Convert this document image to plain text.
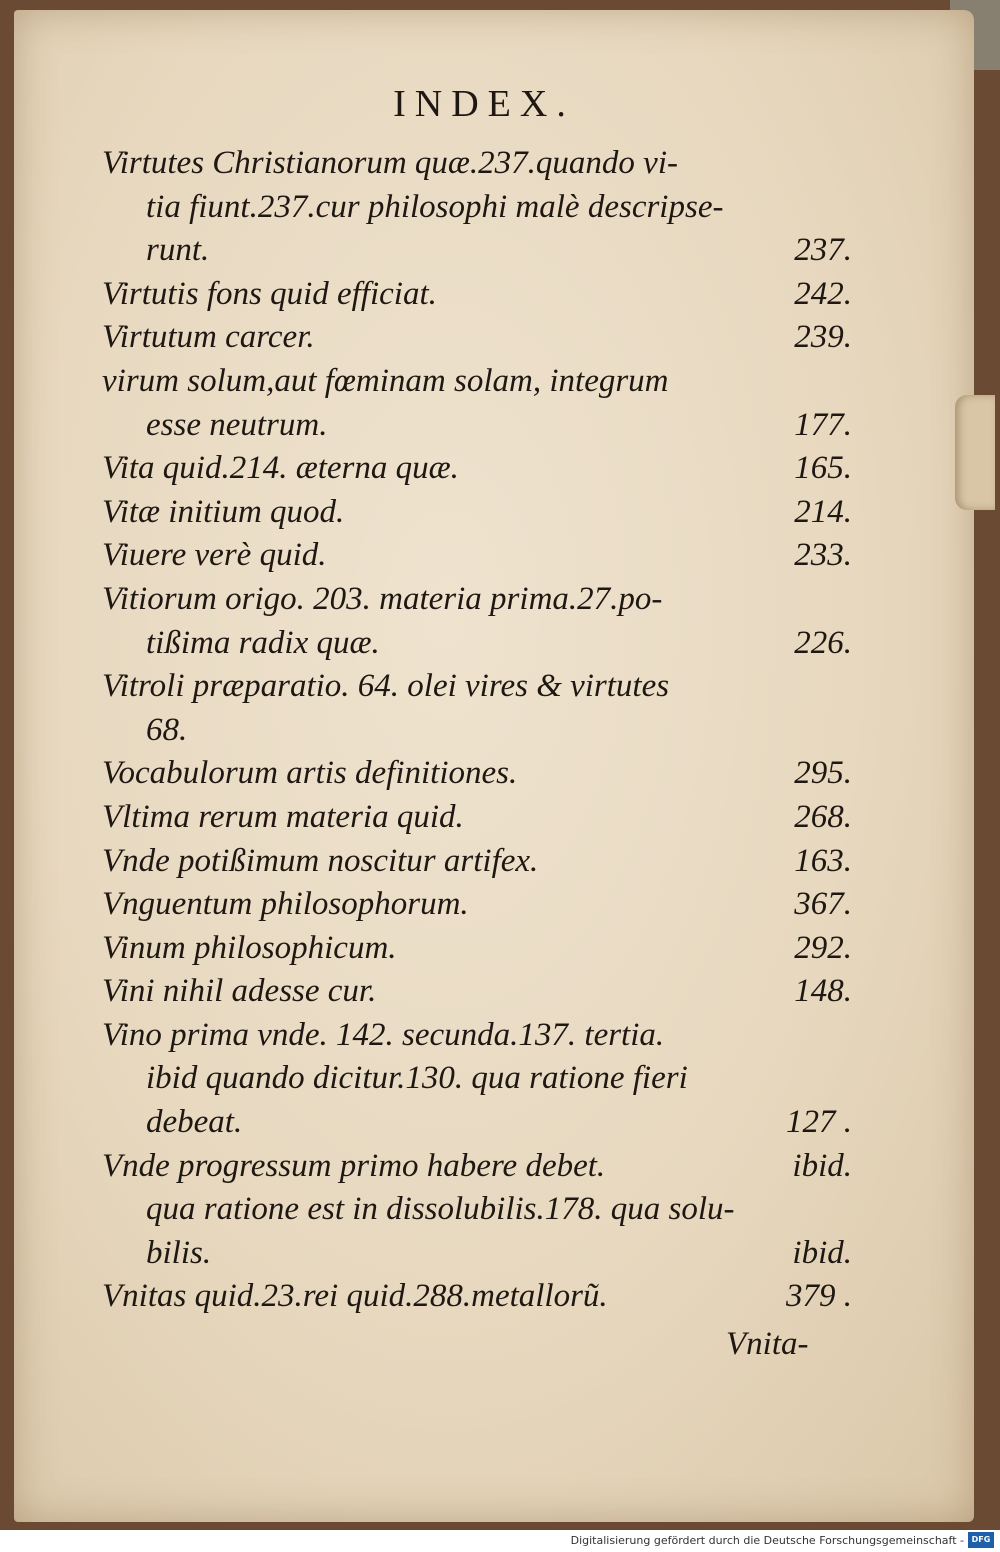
INDEX.
Virtutes Christianorum quæ.237.quando vi-
tia fiunt.237.cur philosophi malè descripse-
runt.	237.
Virtutis fons quid efficiat.	242.
Virtutum carcer.	239.
virum solum,aut fœminam solam, integrum
esse neutrum.	177.
Vita quid.214. æterna quæ.	165.
Vitæ initium quod.	214.
Viuere verè quid.	233.
Vitiorum origo. 203. materia prima.27.po-
tißima radix quæ.	226.
Vitroli præparatio. 64. olei vires & virtutes
68.
Vocabulorum artis definitiones.	295.
Vltima rerum materia quid.	268.
Vnde potißimum noscitur artifex.	163.
Vnguentum philosophorum.	367.
Vinum philosophicum.	292.
Vini nihil adesse cur.	148.
Vino prima vnde. 142. secunda.137. tertia.
ibid quando dicitur.130. qua ratione fieri
debeat.	127 .
Vnde progressum primo habere debet.	ibid.
qua ratione est in dissolubilis.178. qua solu-
bilis.	ibid.
Vnitas quid.23.rei quid.288.metallorũ.	379 .
Vnita-
Digitalisierung gefördert durch die Deutsche Forschungsgemeinschaft - DFG
